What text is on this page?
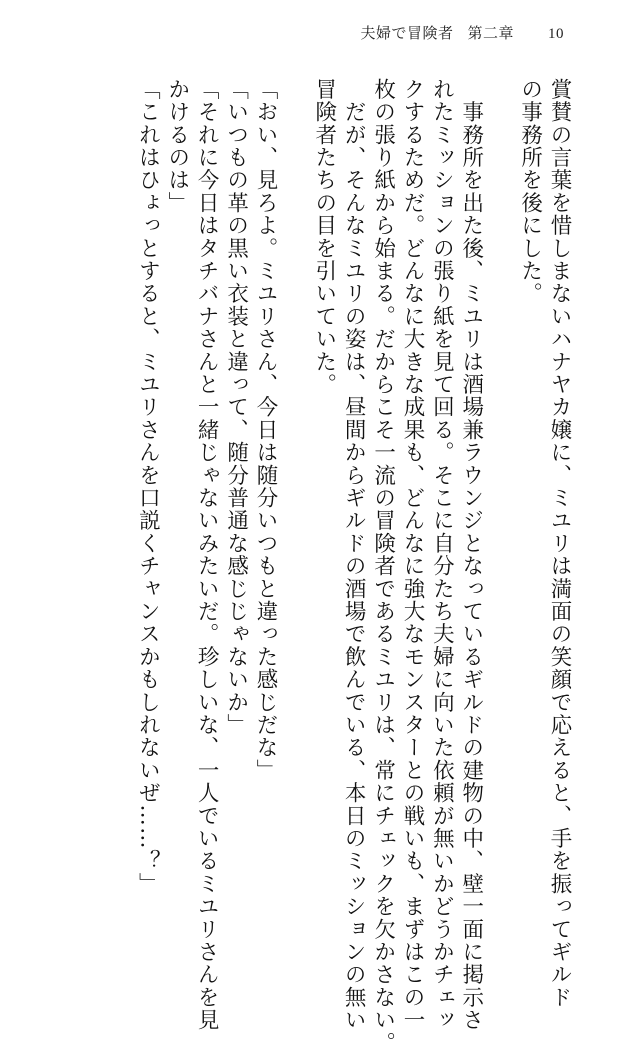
夫婦で冒険者 第二章 10
賞賛の言葉を惜しまないハナヤカ嬢に、ミユリは満面の笑顔で応えると、手を振ってギルド
の事務所を後にした。
　事務所を出た後、ミユリは酒場兼ラウンジとなっているギルドの建物の中、壁一面に掲示さ
れたミッションの張り紙を見て回る。そこに自分たち夫婦に向いた依頼が無いかどうかチェッ
クするためだ。どんなに大きな成果も、どんなに強大なモンスターとの戦いも、まずはこの一
枚の張り紙から始まる。だからこそ一流の冒険者であるミユリは、常にチェックを欠かさない。
　だが、そんなミユリの姿は、昼間からギルドの酒場で飲んでいる、本日のミッションの無い
冒険者たちの目を引いていた。
「おい、見ろよ。ミユリさん、今日は随分いつもと違った感じだな」
「いつもの革の黒い衣装と違って、随分普通な感じじゃないか」
「それに今日はタチバナさんと一緒じゃないみたいだ。珍しいな、一人でいるミユリさんを見
かけるのは」
「これはひょっとすると、ミユリさんを口説くチャンスかもしれないぜ……？」
